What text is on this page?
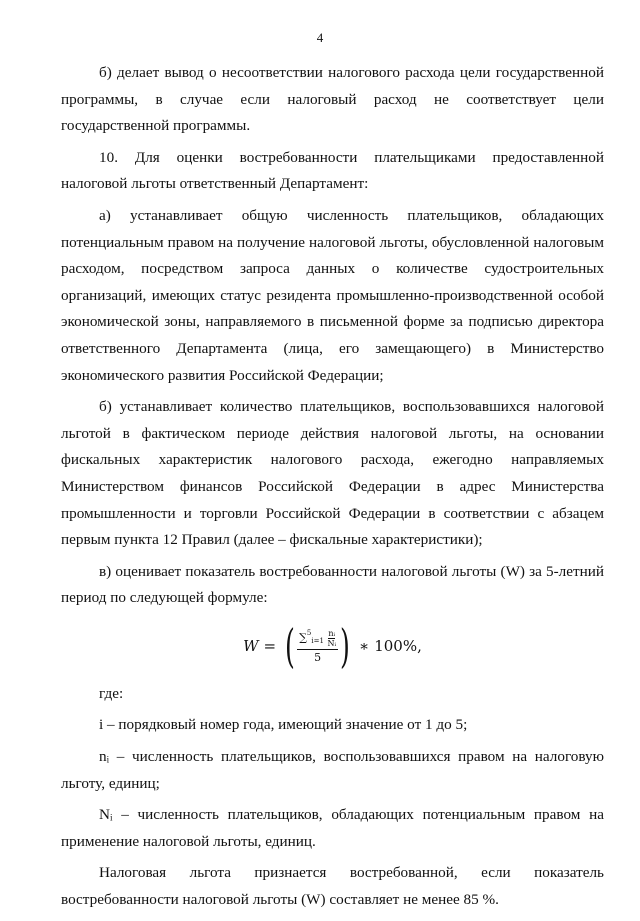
4

б) делает вывод о несоответствии налогового расхода цели государственной программы, в случае если налоговый расход не соответствует цели государственной программы.

10. Для оценки востребованности плательщиками предоставленной налоговой льготы ответственный Департамент:

а) устанавливает общую численность плательщиков, обладающих потенциальным правом на получение налоговой льготы, обусловленной налоговым расходом, посредством запроса данных о количестве судостроительных организаций, имеющих статус резидента промышленно-производственной особой экономической зоны, направляемого в письменной форме за подписью директора ответственного Департамента (лица, его замещающего) в Министерство экономического развития Российской Федерации;

б) устанавливает количество плательщиков, воспользовавшихся налоговой льготой в фактическом периоде действия налоговой льготы, на основании фискальных характеристик налогового расхода, ежегодно направляемых Министерством финансов Российской Федерации в адрес Министерства промышленности и торговли Российской Федерации в соответствии с абзацем первым пункта 12 Правил (далее – фискальные характеристики);

в) оценивает показатель востребованности налоговой льготы (W) за 5-летний период по следующей формуле:

W = ( $\frac{\sum^5_{i=1} \frac{\text{nᵢ}}{\text{Nᵢ}}}{5}$ ) ∗ 100% ,

где:

i – порядковый номер года, имеющий значение от 1 до 5;

nᵢ – численность плательщиков, воспользовавшихся правом на налоговую льготу, единиц;

Nᵢ – численность плательщиков, обладающих потенциальным правом на применение налоговой льготы, единиц.

Налоговая льгота признается востребованной, если показатель востребованности налоговой льготы (W) составляет не менее 85 %.
